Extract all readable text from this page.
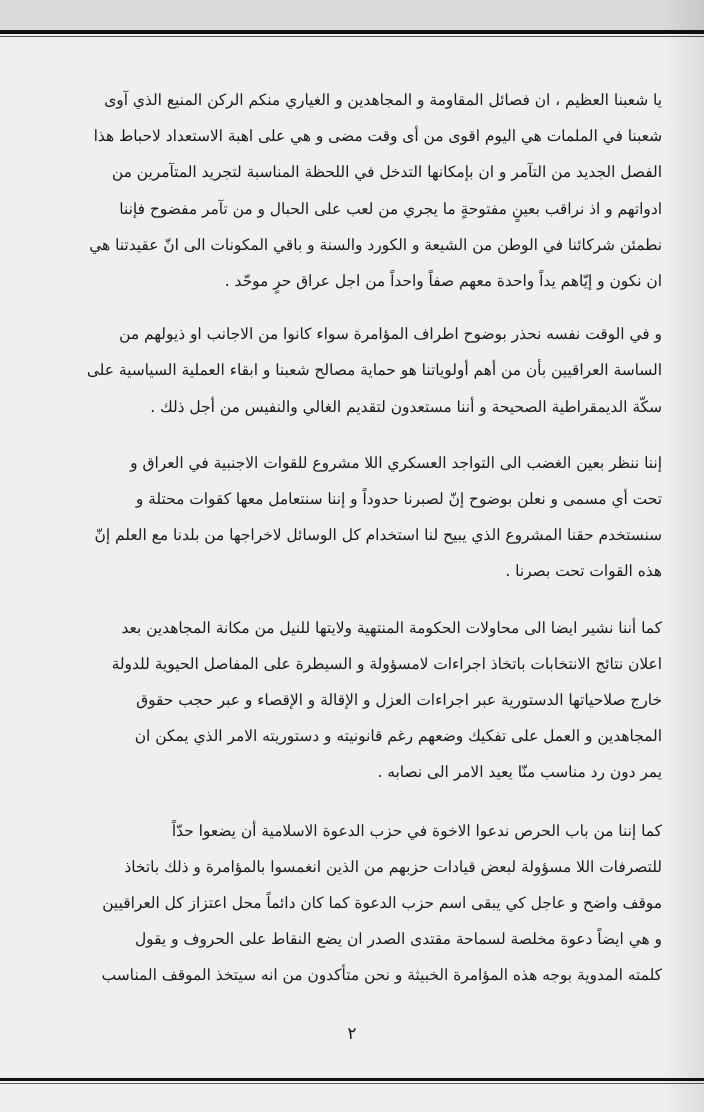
يا شعبنا العظيم ، ان فصائل المقاومة و المجاهدين و الغياري منكم الركن المنيع الذي آوى
شعبنا في الملمات هي اليوم اقوى من أى وقت مضى و هي على اهبة الاستعداد لاحباط هذا
الفصل الجديد من التآمر و ان بإمكانها التدخل في اللحظة المناسبة لتجريد المتآمرين من
ادواتهم و اذ نراقب بعينٍ مفتوحةٍ ما يجري من لعب على الحبال و من تآمر مفضوح فإننا
نطمئن شركائنا في الوطن من الشيعة و الكورد والسنة و باقي المكونات الى انّ عقيدتنا هي
ان نكون و إيّاهم يداً واحدة معهم صفاً واحداً من اجل عراق حرٍ موحّد .

و في الوقت نفسه نحذر بوضوح اطراف المؤامرة سواء كانوا من الاجانب او ذيولهم من
الساسة العراقيين بأن من أهم أولوياتنا هو حماية مصالح شعبنا و ابقاء العملية السياسية على
سكّة الديمقراطية الصحيحة و أننا مستعدون لتقديم الغالي والنفيس من أجل ذلك .

إننا ننظر بعين الغضب الى التواجد العسكري اللا مشروع للقوات الاجنبية في العراق و
تحت أي مسمى و نعلن بوضوح إنّ لصبرنا حدوداً و إننا سنتعامل معها كقوات محتلة و
سنستخدم حقنا المشروع الذي يبيح لنا استخدام كل الوسائل لاخراجها من بلدنا مع العلم إنّ
هذه القوات تحت بصرنا .

كما أننا نشير ايضا الى محاولات الحكومة المنتهية ولايتها للنيل من مكانة المجاهدين بعد
اعلان نتائج الانتخابات باتخاذ اجراءات لامسؤولة و السيطرة على المفاصل الحيوية للدولة
خارج صلاحياتها الدستورية عبر اجراءات العزل و الإقالة و الإقصاء و عبر حجب حقوق
المجاهدين و العمل على تفكيك وضعهم رغم قانونيته و دستوريته الامر الذي يمكن ان
يمر دون رد مناسب منّا يعيد الامر الى نصابه .

كما إننا من باب الحرص ندعوا الاخوة في حزب الدعوة الاسلامية أن يضعوا حدّاً
للتصرفات اللا مسؤولة لبعض قيادات حزبهم من الذين انغمسوا بالمؤامرة و ذلك باتخاذ
موقف واضح و عاجل كي يبقى اسم حزب الدعوة كما كان دائماً محل اعتزاز كل العراقيين
و هي ايضاً دعوة مخلصة لسماحة مقتدى الصدر ان يضع النقاط على الحروف و يقول
كلمته المدوية بوجه هذه المؤامرة الخبيثة و نحن متأكدون من انه سيتخذ الموقف المناسب

٢
